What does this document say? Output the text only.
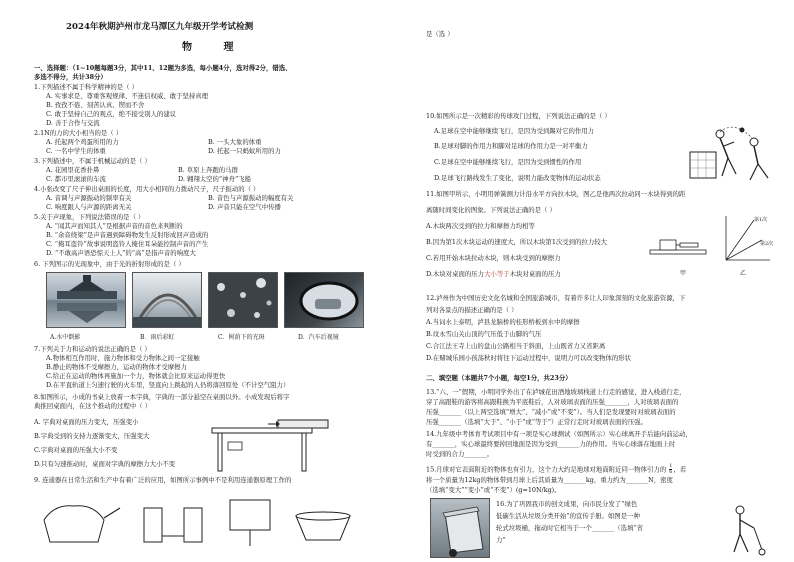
2024年秋期泸州市龙马潭区九年级开学考试检测
物 理
一、选择题：（1~10题每题3分，其中11、12题为多选，每小题4分，选对得2分，错选、
多选不得分，共计38分）
1.下列描述不属于科学精神的是（ ）
A. 实事求是、尊重客观规律、不迷信权威、敢于坚持真理
B. 孜孜不倦、刻苦认真、锲而不舍
C. 敢于坚持自己的观点，绝不接受别人的建议
D. 善于合作与交流
2.1N的力的大小相当的是（ ）
A. 托起两个鸡蛋所用的力	B. 一头大象的体重
C. 一名中学生的体重	D. 托起一只蚂蚁所用的力
3.下列描述中，不属于机械运动的是（ ）
A. 花园里花香扑鼻	B. 草原上奔跑的马群
C. 都市里滚滚的车流	D. 翱翔太空的“神舟”飞船
4.小张改变了尺子伸出桌面的长度，用大小相同的力拨动尺子，尺子振动的（ ）
A. 音调与声源振动的频率有关	B. 音色与声源振动的幅度有关
C. 响度跟人与声源的距离无关	D. 声音只能在空气中传播
5.关于声现象，下列说法错误的是（ ）
A. “闻其声而知其人”是根据声音的音色来判断的
B. “余音绕梁”是声音遇到障碍物发生反射形成回声造成的
C. “掩耳盗铃”故事说明盗铃人掩住耳朵能控制声音的产生
D. “不敢高声语恐惊天上人”的“高”是指声音的响度大
6. 下列图示的光现象中，由于光的折射形成的是（ ）
A.水中倒影	B．雨后彩虹	C．树荫下的光斑	D．汽车后视镜
7.下列关于力和运动的说法正确的是（ ）
A.物体相互作用时，施力物体和受力物体之间一定接触
B.静止的物体不受摩擦力，运动的物体才受摩擦力
C.给正在运动的物体再施加一个力，物体就会比原来运动得更快
D.在平直轨道上匀速行驶的火车里，竖直向上跳起的人仍将落回原处（不计空气阻力）
8.如图所示，小成的书桌上放着一本字典，字典的一部分悬空在桌面以外。小成发现后将字
典推回桌面内，在这个推动的过程中（ ）
A. 字典对桌面的压力变大，压强变小
B.字典受到的支持力逐渐变大，压强变大
C.字典对桌面的压强大小不变
D.只有匀速推动时，桌面对字典的摩擦力大小不变
9. 连通器在日常生活和生产中有着广泛的应用，如图所示事例中不是利用连通器原理工作的
是（选 ）
10.如图所示是一次精彩的传球攻门过程，下列说法正确的是（ ）
A.足球在空中能够继续飞行，是因为受到踢对它的作用力
B.足球对脚的作用力和脚对足球的作用力是一对平衡力
C.足球在空中能够继续飞行，是因为受到惯性的作用
D.足球飞行路线发生了变化，说明力能改变物体的运动状态
11.如图甲所示，小明用弹簧测力计沿水平方向拉木块，图乙是他两次拉动同一木块得到的距
离随时间变化的图象。下列说法正确的是（ ）
A.木块两次受到的拉力和摩擦力均相等
B.因为第1次木块运动的速度大，所以木块第1次受到的拉力较大
C.若用开始木块拉动木块，则木块受到的摩擦力
D.木块对桌面的压力大小等于木块对桌面的压力	甲	乙
第1次
第2次
12.泸州作为中国历史文化名城和全国旅游城市，有着许多让人印象深刻的文化旅游资源，下
列对各景点的描述正确的是（ ）
A.当词水上泰明，泸县龙脑桥的桂形桥板到水中的摩擦
B.玟永雪山关山顶的气压低于山脚的气压
C.合江法王寺上山的盘山公路相当于斜面，上山既省力又省距离
D.在赌城乐园小孩荡秋时将往下运动过程中，说明力可以改变物体的形状
二、填空题（本题共7个小题，每空1分，共23分）
13.“六、一”假期，小明同学外出了在泸城花田酒地坡璃栈道上行走的感觉，进入栈道行走，
穿了高跟鞋的游客将高跟鞋换为平底鞋后，人对玻璃表面的压强_______，人对玻璃表面的
压强_______（以上两空选填“增大”、“减小”或“不变”）。当人们是发现要时对玻璃表面的
压强_______（选填“大于”、“小于”或“等于”）正常行走时对玻璃表面的压强。
14.九年级中考体育考试项目中有一项是实心球测试（如图所示）实心球离开手后能向前运动，
有_______，实心球最终要掉回地面是因为受到_______力的作用。当实心球落在地面上时
时受到的合力_______。
15.月球对它表面附近的物体也有引力，这个力大约是地球对地面附近同一物体引力的 $\frac{1}{6}$ ，若
将一个质量为12kg的物体带到月球上后其质量为_______kg，重力约为_______N，密度
（选填“变大”“变小”或“不变”）(g=10N/kg)。
16.为了巩固我市的创文成果，向市民分发了“绿色
低碳生活从垃圾分类开始”的宣传手册。如图是一种
轮式垃圾桶，拖动时它相当于一个_______（选填“省
力”
